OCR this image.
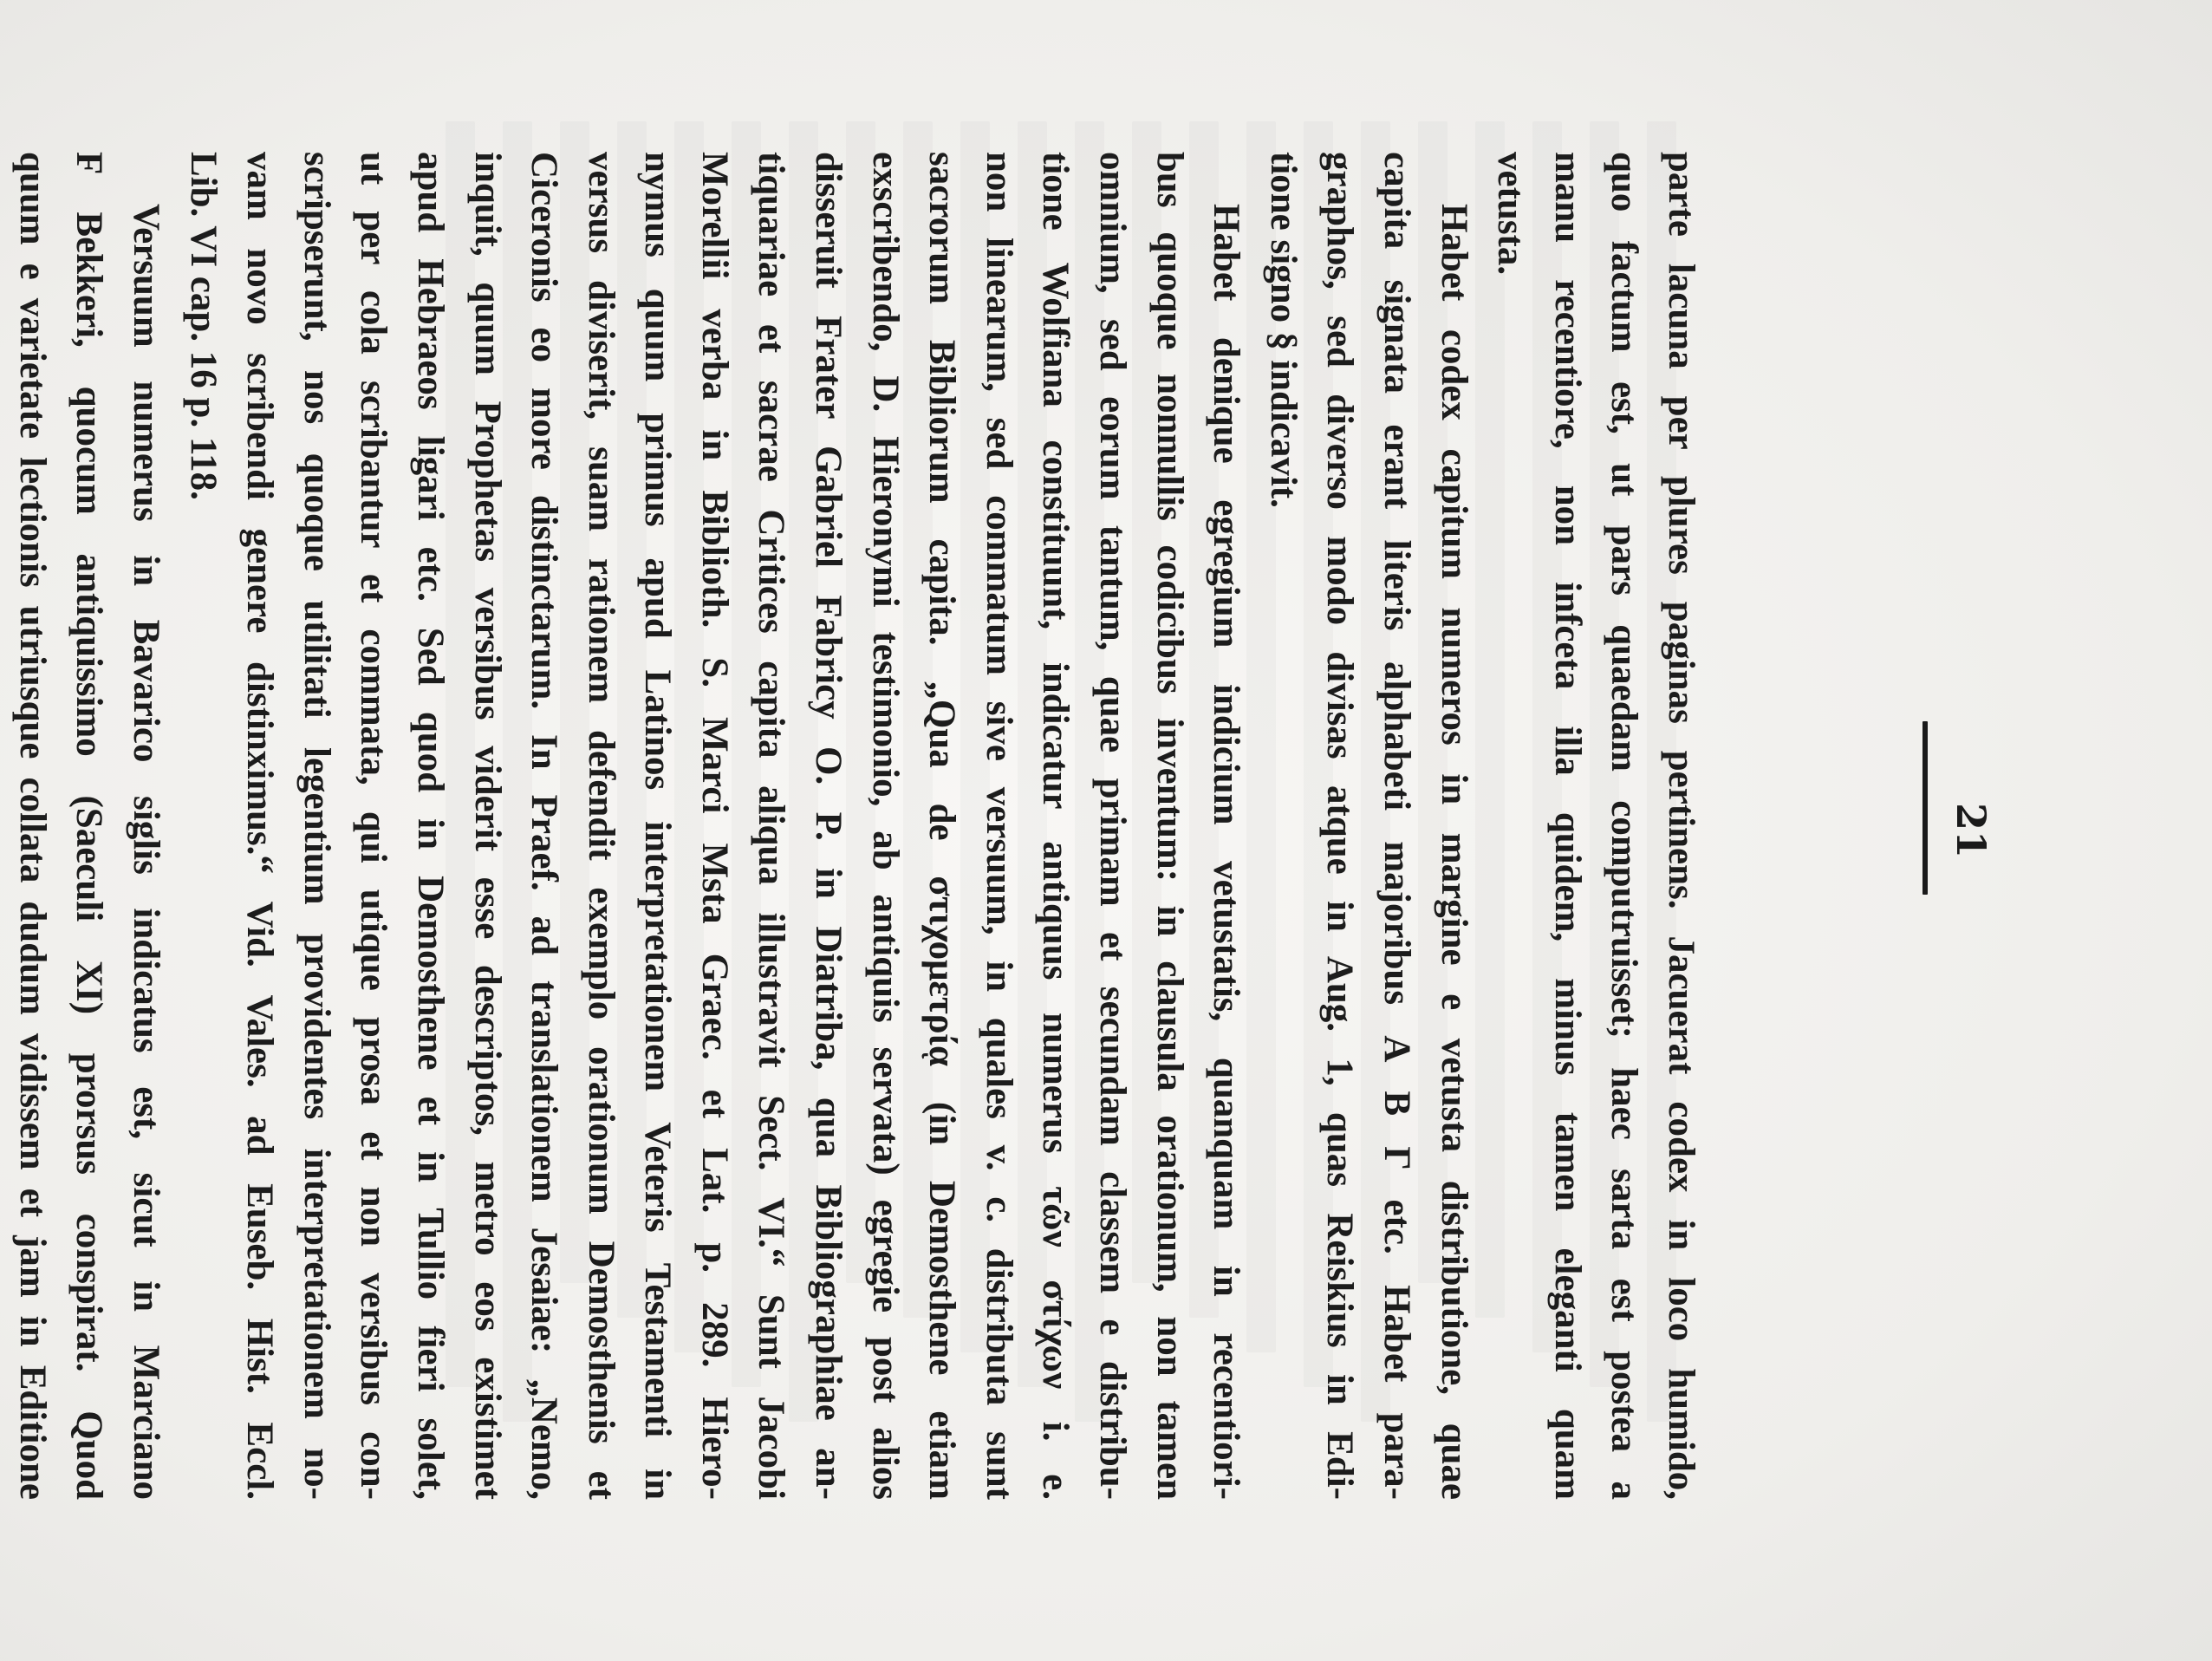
21
parte lacuna per plures paginas pertinens. Jacuerat codex in loco humido,
quo factum est, ut pars quaedam computruisset; haec sarta est postea a
manu recentiore, non infceta illa quidem, minus tamen eleganti quam
vetusta.
Habet codex capitum numeros in margine e vetusta distributione, quae
capita signata erant literis alphabeti majoribus Α Β Γ etc. Habet para-
graphos, sed diverso modo divisas atque in Aug. 1, quas Reiskius in Edi-
tione signo § indicavit.
Habet denique egregium indicium vetustatis, quanquam in recentiori-
bus quoque nonnullis codicibus inventum: in clausula orationum, non tamen
omnium, sed eorum tantum, quae primam et secundam classem e distribu-
tione Wolfiana constituunt, indicatur antiquus numerus τῶν στίχων i. e.
non linearum, sed commatum sive versuum, in quales v. c. distributa sunt
sacrorum Bibliorum capita. „Qua de στιχομετρίᾳ (in Demosthene etiam
exscribendo, D. Hieronymi testimonio, ab antiquis servata) egregie post alios
disseruit Frater Gabriel Fabricy O. P. in Diatriba, qua Bibliographiae an-
tiquariae et sacrae Critices capita aliqua illustravit Sect. VI.“ Sunt Jacobi
Morellii verba in Biblioth. S. Marci Msta Graec. et Lat. p. 289. Hiero-
nymus quum primus apud Latinos interpretationem Veteris Testamenti in
versus diviserit, suam rationem defendit exemplo orationum Demosthenis et
Ciceronis eo more distinctarum. In Praef. ad translationem Jesaiae: „Nemo,
inquit, quum Prophetas versibus viderit esse descriptos, metro eos existimet
apud Hebraeos ligari etc. Sed quod in Demosthene et in Tullio fieri solet,
ut per cola scribantur et commata, qui utique prosa et non versibus con-
scripserunt, nos quoque utilitati legentium providentes interpretationem no-
vam novo scribendi genere distinximus.“ Vid. Vales. ad Euseb. Hist. Eccl.
Lib. VI cap. 16 p. 118.
Versuum numerus in Bavarico siglis indicatus est, sicut in Marciano
F Bekkeri, quocum antiquissimo (Saeculi XI) prorsus conspirat. Quod
quum e varietate lectionis utriusque collata dudum vidissem et jam in Editione
